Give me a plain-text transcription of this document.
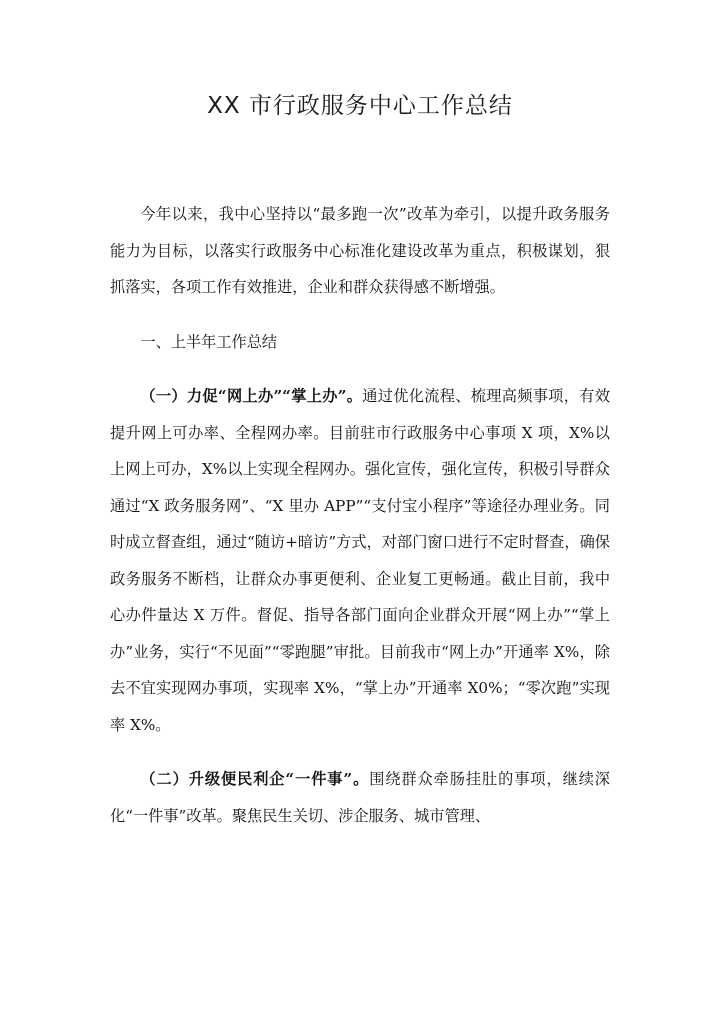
XX 市行政服务中心工作总结

今年以来，我中心坚持以“最多跑一次”改革为牵引，以提升政务服务能力为目标，以落实行政服务中心标准化建设改革为重点，积极谋划，狠抓落实，各项工作有效推进，企业和群众获得感不断增强。

一、上半年工作总结

（一）力促“网上办”“掌上办”。通过优化流程、梳理高频事项，有效提升网上可办率、全程网办率。目前驻市行政服务中心事项 X 项，X%以上网上可办，X%以上实现全程网办。强化宣传，强化宣传，积极引导群众通过“X 政务服务网”、“X 里办 APP”“支付宝小程序”等途径办理业务。同时成立督查组，通过“随访+暗访”方式，对部门窗口进行不定时督查，确保政务服务不断档，让群众办事更便利、企业复工更畅通。截止目前，我中心办件量达 X 万件。督促、指导各部门面向企业群众开展“网上办”“掌上办”业务，实行“不见面”“零跑腿”审批。目前我市“网上办”开通率 X%，除去不宜实现网办事项，实现率 X%，“掌上办”开通率 X0%；“零次跑”实现率 X%。

（二）升级便民利企“一件事”。围绕群众牵肠挂肚的事项，继续深化“一件事”改革。聚焦民生关切、涉企服务、城市管理、
